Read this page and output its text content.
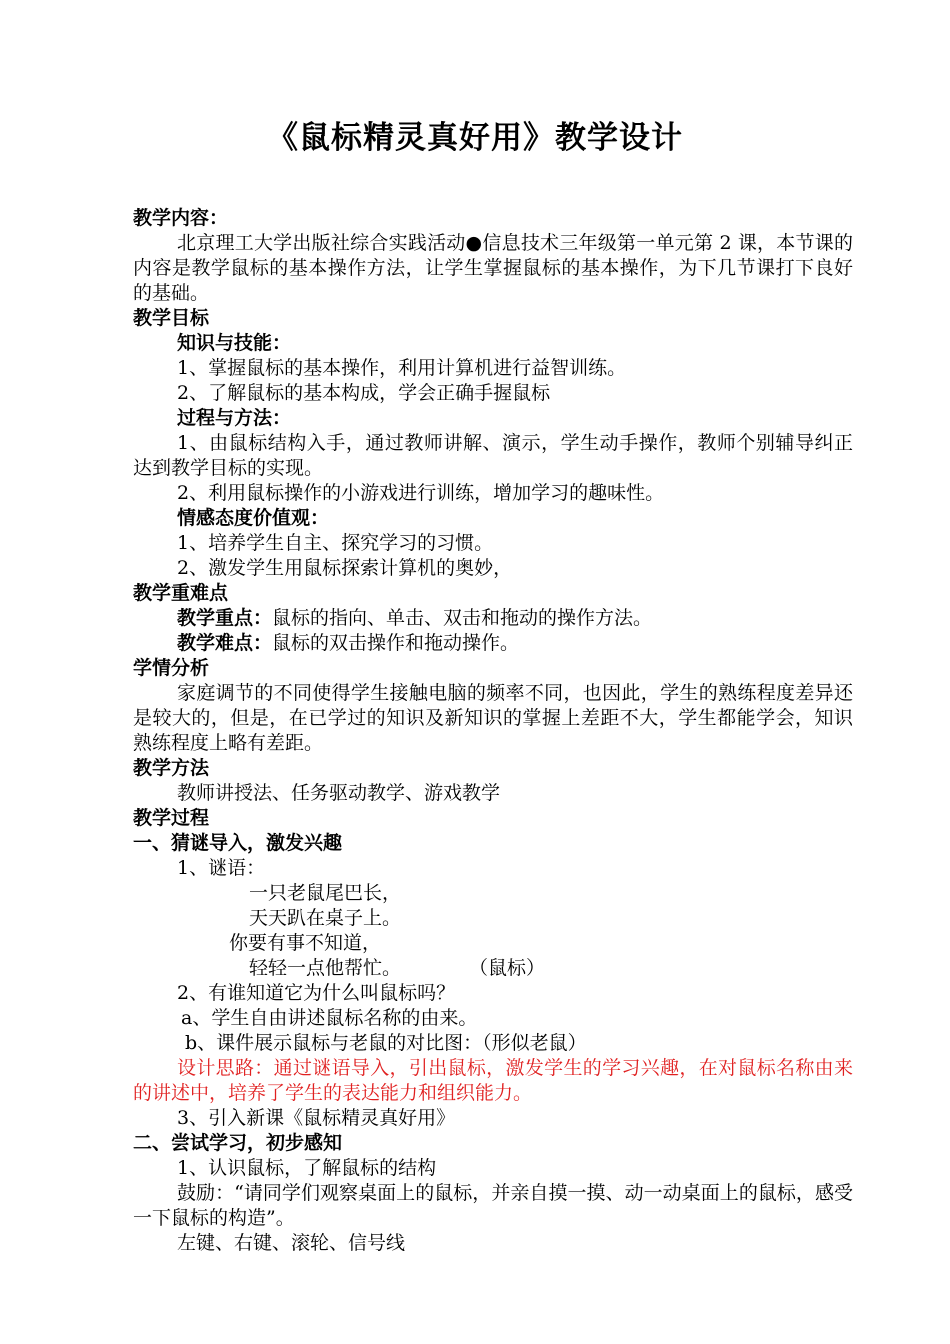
《鼠标精灵真好用》教学设计
教学内容：
北京理工大学出版社综合实践活动●信息技术三年级第一单元第 2 课，本节课的内容是教学鼠标的基本操作方法，让学生掌握鼠标的基本操作，为下几节课打下良好的基础。
教学目标
知识与技能：
1、掌握鼠标的基本操作，利用计算机进行益智训练。
2、了解鼠标的基本构成，学会正确手握鼠标
过程与方法：
1、由鼠标结构入手，通过教师讲解、演示，学生动手操作，教师个别辅导纠正达到教学目标的实现。
2、利用鼠标操作的小游戏进行训练，增加学习的趣味性。
情感态度价值观：
1、培养学生自主、探究学习的习惯。
2、激发学生用鼠标探索计算机的奥妙，
教学重难点
教学重点：鼠标的指向、单击、双击和拖动的操作方法。
教学难点：鼠标的双击操作和拖动操作。
学情分析
家庭调节的不同使得学生接触电脑的频率不同，也因此，学生的熟练程度差异还是较大的，但是，在已学过的知识及新知识的掌握上差距不大，学生都能学会，知识熟练程度上略有差距。
教学方法
教师讲授法、任务驱动教学、游戏教学
教学过程
一、猜谜导入，激发兴趣
1、谜语：
一只老鼠尾巴长，
天天趴在桌子上。
你要有事不知道，
轻轻一点他帮忙。	（鼠标）
2、有谁知道它为什么叫鼠标吗？
a、学生自由讲述鼠标名称的由来。
b、课件展示鼠标与老鼠的对比图：（形似老鼠）
设计思路：通过谜语导入，引出鼠标，激发学生的学习兴趣，在对鼠标名称由来的讲述中，培养了学生的表达能力和组织能力。
3、引入新课《鼠标精灵真好用》
二、尝试学习，初步感知
1、认识鼠标，了解鼠标的结构
鼓励：“请同学们观察桌面上的鼠标，并亲自摸一摸、动一动桌面上的鼠标，感受一下鼠标的构造”。
左键、右键、滚轮、信号线
